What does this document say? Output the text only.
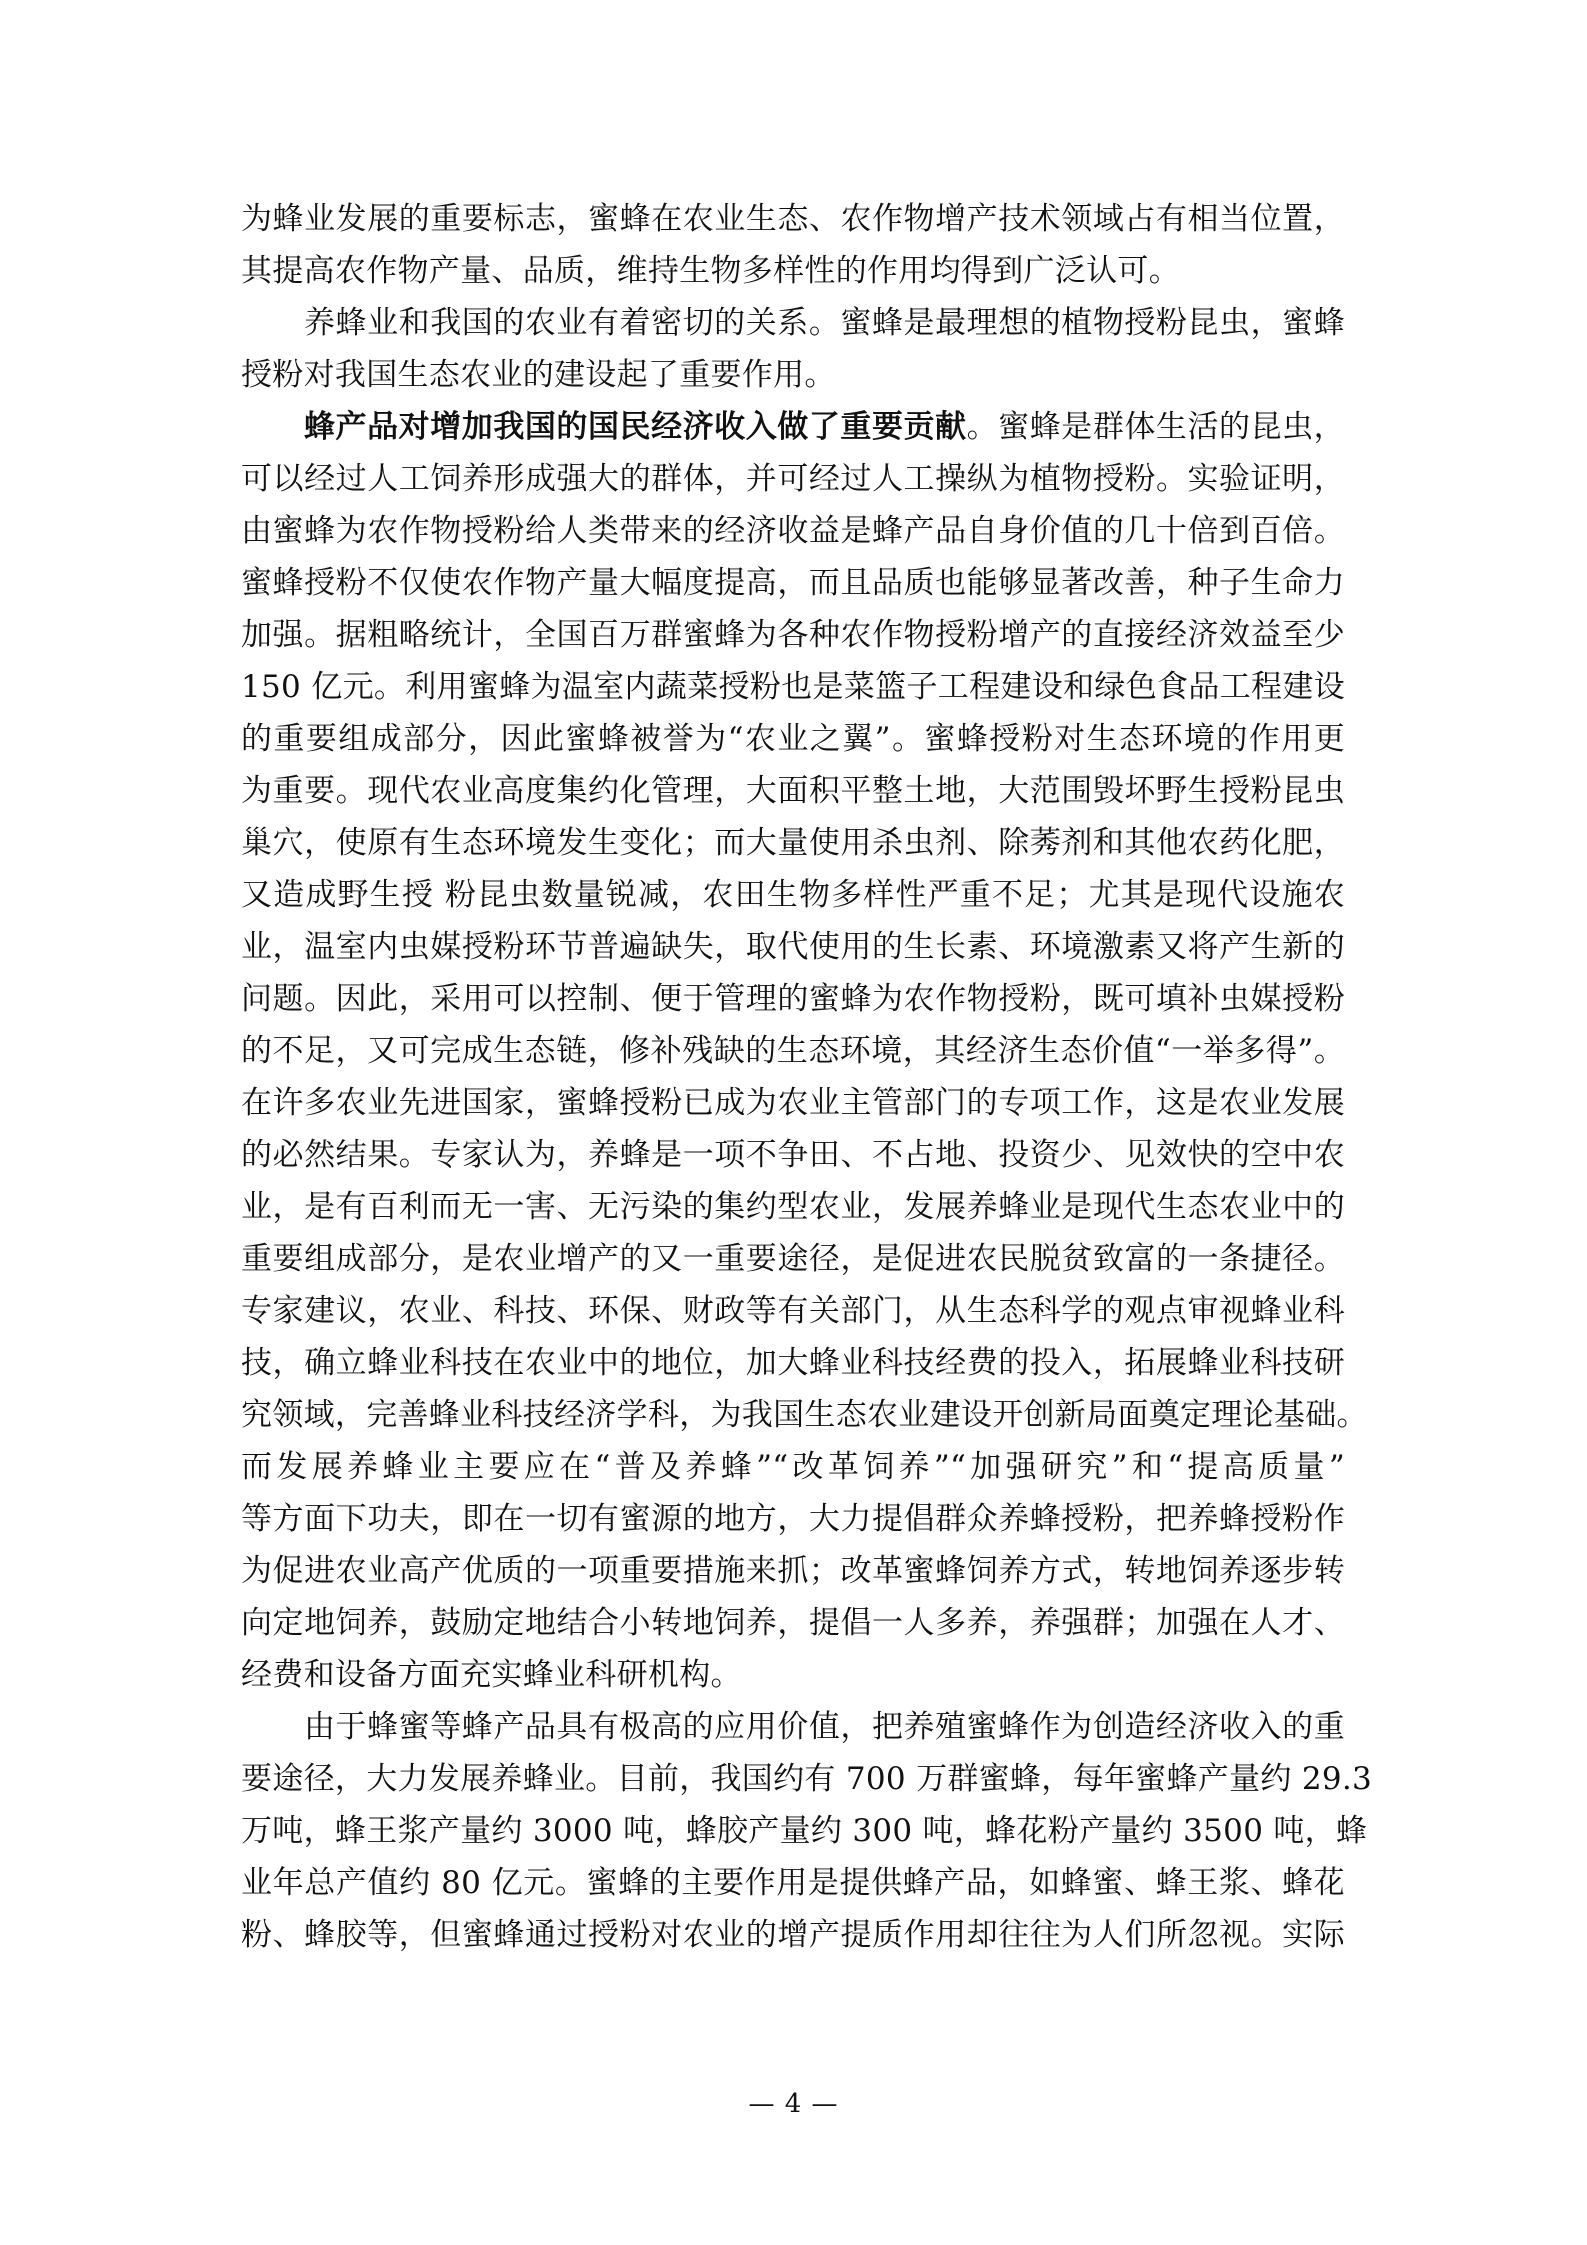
为蜂业发展的重要标志，蜜蜂在农业生态、农作物增产技术领域占有相当位置，
其提高农作物产量、品质，维持生物多样性的作用均得到广泛认可。
养蜂业和我国的农业有着密切的关系。蜜蜂是最理想的植物授粉昆虫，蜜蜂
授粉对我国生态农业的建设起了重要作用。
蜂产品对增加我国的国民经济收入做了重要贡献。蜜蜂是群体生活的昆虫，
可以经过人工饲养形成强大的群体，并可经过人工操纵为植物授粉。实验证明，
由蜜蜂为农作物授粉给人类带来的经济收益是蜂产品自身价值的几十倍到百倍。
蜜蜂授粉不仅使农作物产量大幅度提高，而且品质也能够显著改善，种子生命力
加强。据粗略统计，全国百万群蜜蜂为各种农作物授粉增产的直接经济效益至少
150 亿元。利用蜜蜂为温室内蔬菜授粉也是菜篮子工程建设和绿色食品工程建设
的重要组成部分，因此蜜蜂被誉为“农业之翼”。蜜蜂授粉对生态环境的作用更
为重要。现代农业高度集约化管理，大面积平整土地，大范围毁坏野生授粉昆虫
巢穴，使原有生态环境发生变化；而大量使用杀虫剂、除莠剂和其他农药化肥，
又造成野生授 粉昆虫数量锐减，农田生物多样性严重不足；尤其是现代设施农
业，温室内虫媒授粉环节普遍缺失，取代使用的生长素、环境激素又将产生新的
问题。因此，采用可以控制、便于管理的蜜蜂为农作物授粉，既可填补虫媒授粉
的不足，又可完成生态链，修补残缺的生态环境，其经济生态价值“一举多得”。
在许多农业先进国家，蜜蜂授粉已成为农业主管部门的专项工作，这是农业发展
的必然结果。专家认为，养蜂是一项不争田、不占地、投资少、见效快的空中农
业，是有百利而无一害、无污染的集约型农业，发展养蜂业是现代生态农业中的
重要组成部分，是农业增产的又一重要途径，是促进农民脱贫致富的一条捷径。
专家建议，农业、科技、环保、财政等有关部门，从生态科学的观点审视蜂业科
技，确立蜂业科技在农业中的地位，加大蜂业科技经费的投入，拓展蜂业科技研
究领域，完善蜂业科技经济学科，为我国生态农业建设开创新局面奠定理论基础。
而发展养蜂业主要应在“普及养蜂”“改革饲养”“加强研究”和“提高质量”
等方面下功夫，即在一切有蜜源的地方，大力提倡群众养蜂授粉，把养蜂授粉作
为促进农业高产优质的一项重要措施来抓；改革蜜蜂饲养方式，转地饲养逐步转
向定地饲养，鼓励定地结合小转地饲养，提倡一人多养，养强群；加强在人才、
经费和设备方面充实蜂业科研机构。
由于蜂蜜等蜂产品具有极高的应用价值，把养殖蜜蜂作为创造经济收入的重
要途径，大力发展养蜂业。目前，我国约有 700 万群蜜蜂，每年蜜蜂产量约 29.3
万吨，蜂王浆产量约 3000 吨，蜂胶产量约 300 吨，蜂花粉产量约 3500 吨，蜂
业年总产值约 80 亿元。蜜蜂的主要作用是提供蜂产品，如蜂蜜、蜂王浆、蜂花
粉、蜂胶等，但蜜蜂通过授粉对农业的增产提质作用却往往为人们所忽视。实际
— 4 —
